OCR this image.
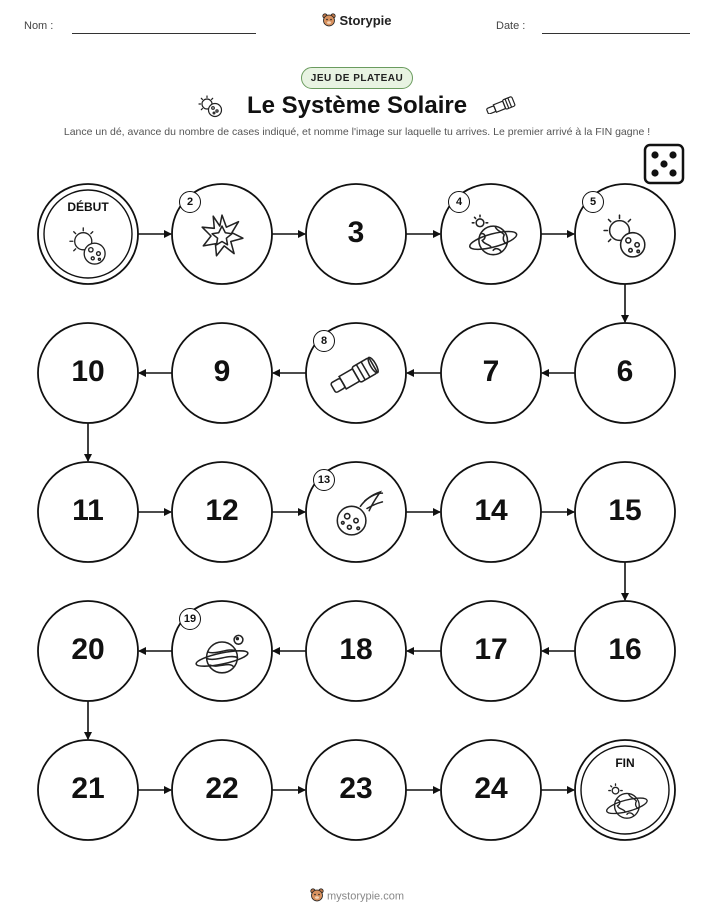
Nom :	Date :
Storypie
JEU DE PLATEAU
Le Système Solaire
Lance un dé, avance du nombre de cases indiqué, et nomme l'image sur laquelle tu arrives. Le premier arrivé à la FIN gagne !
DÉBUT	2
3
4	5
6
7
8
9
10
11	12
13
14	15
16
17
18
19
20
21	22	23	24
FIN
mystorypie.com
